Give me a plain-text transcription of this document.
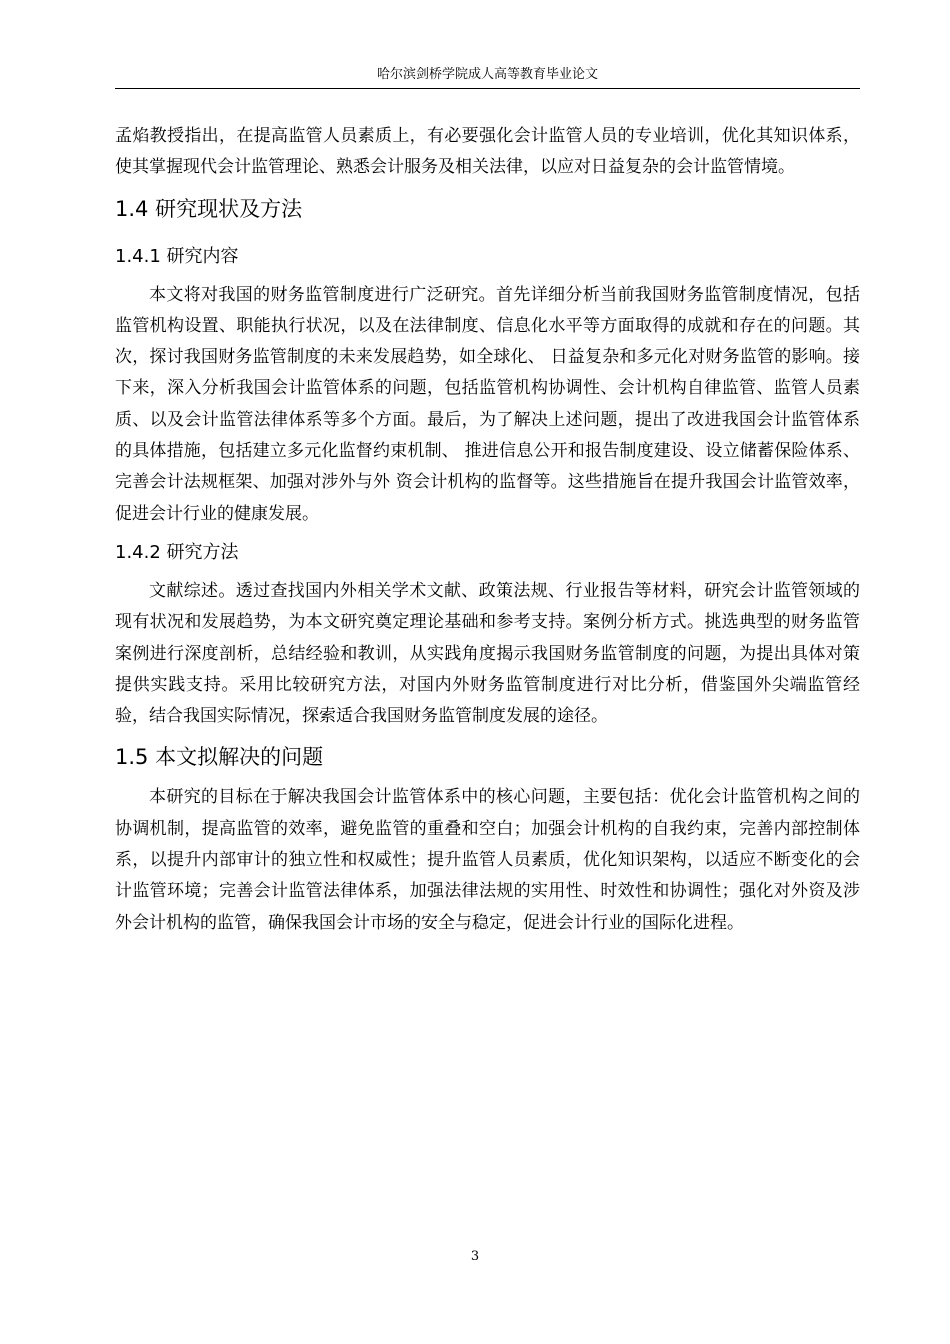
哈尔滨剑桥学院成人高等教育毕业论文

孟焰教授指出，在提高监管人员素质上，有必要强化会计监管人员的专业培训，优化其知识体系，使其掌握现代会计监管理论、熟悉会计服务及相关法律，以应对日益复杂的会计监管情境。

1.4 研究现状及方法
1.4.1 研究内容

本文将对我国的财务监管制度进行广泛研究。首先详细分析当前我国财务监管制度情况，包括监管机构设置、职能执行状况，以及在法律制度、信息化水平等方面取得的成就和存在的问题。其次，探讨我国财务监管制度的未来发展趋势，如全球化、 日益复杂和多元化对财务监管的影响。接下来，深入分析我国会计监管体系的问题，包括监管机构协调性、会计机构自律监管、监管人员素质、以及会计监管法律体系等多个方面。最后，为了解决上述问题，提出了改进我国会计监管体系的具体措施，包括建立多元化监督约束机制、 推进信息公开和报告制度建设、设立储蓄保险体系、完善会计法规框架、加强对涉外与外 资会计机构的监督等。这些措施旨在提升我国会计监管效率，促进会计行业的健康发展。

1.4.2 研究方法

文献综述。透过查找国内外相关学术文献、政策法规、行业报告等材料，研究会计监管领域的现有状况和发展趋势，为本文研究奠定理论基础和参考支持。案例分析方式。挑选典型的财务监管案例进行深度剖析，总结经验和教训，从实践角度揭示我国财务监管制度的问题，为提出具体对策提供实践支持。采用比较研究方法，对国内外财务监管制度进行对比分析，借鉴国外尖端监管经验，结合我国实际情况，探索适合我国财务监管制度发展的途径。

1.5 本文拟解决的问题

本研究的目标在于解决我国会计监管体系中的核心问题，主要包括：优化会计监管机构之间的协调机制，提高监管的效率，避免监管的重叠和空白；加强会计机构的自我约束，完善内部控制体系，以提升内部审计的独立性和权威性；提升监管人员素质，优化知识架构，以适应不断变化的会计监管环境；完善会计监管法律体系，加强法律法规的实用性、时效性和协调性；强化对外资及涉外会计机构的监管，确保我国会计市场的安全与稳定，促进会计行业的国际化进程。

3
